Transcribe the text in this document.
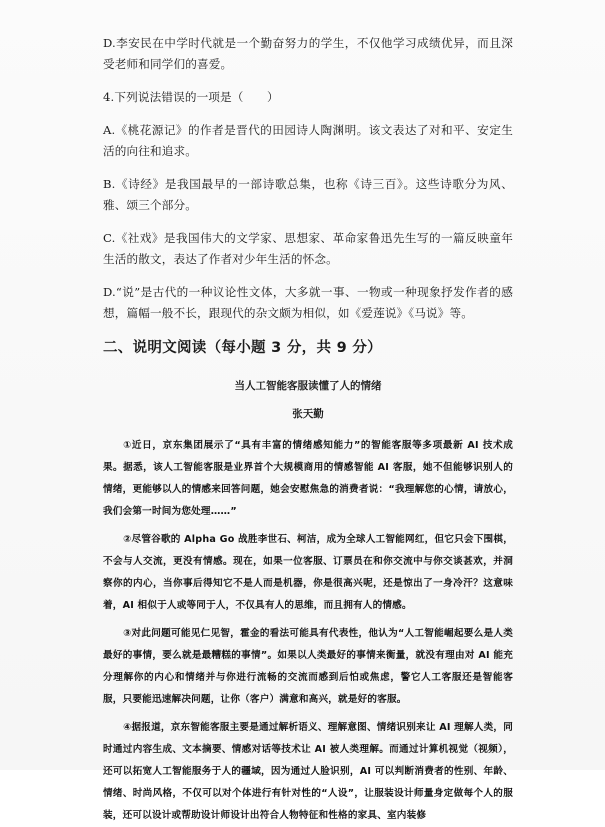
D.李安民在中学时代就是一个勤奋努力的学生，不仅他学习成绩优异，而且深受老师和同学们的喜爱。

4.下列说法错误的一项是（　　）

A.《桃花源记》的作者是晋代的田园诗人陶渊明。该文表达了对和平、安定生活的向往和追求。

B.《诗经》是我国最早的一部诗歌总集，也称《诗三百》。这些诗歌分为风、雅、颂三个部分。

C.《社戏》是我国伟大的文学家、思想家、革命家鲁迅先生写的一篇反映童年生活的散文，表达了作者对少年生活的怀念。

D.“说”是古代的一种议论性文体，大多就一事、一物或一种现象抒发作者的感想，篇幅一般不长，跟现代的杂文颇为相似，如《爱莲说》《马说》等。

二、说明文阅读（每小题 3 分，共 9 分）

当人工智能客服读懂了人的情绪

张天勤

①近日，京东集团展示了“具有丰富的情绪感知能力”的智能客服等多项最新 AI 技术成果。据悉，该人工智能客服是业界首个大规模商用的情感智能 AI 客服，她不但能够识别人的情绪，更能够以人的情感来回答问题，她会安慰焦急的消费者说：“我理解您的心情，请放心，我们会第一时间为您处理……”

②尽管谷歌的 Alpha Go 战胜李世石、柯洁，成为全球人工智能网红，但它只会下围棋，不会与人交流，更没有情感。现在，如果一位客服、订票员在和你交流中与你交谈甚欢，并洞察你的内心，当你事后得知它不是人而是机器，你是很高兴呢，还是惊出了一身冷汗？这意味着，AI 相似于人或等同于人，不仅具有人的思维，而且拥有人的情感。

③对此问题可能见仁见智，霍金的看法可能具有代表性，他认为“人工智能崛起要么是人类最好的事情，要么就是最糟糕的事情”。如果以人类最好的事情来衡量，就没有理由对 AI 能充分理解你的内心和情绪并与你进行流畅的交流而感到后怕或焦虑，警它人工客服还是智能客服，只要能迅速解决问题，让你（客户）满意和高兴，就是好的客服。

④据报道，京东智能客服主要是通过解析语义、理解意图、情绪识别来让 AI 理解人类，同时通过内容生成、文本摘要、情感对话等技术让 AI 被人类理解。而通过计算机视觉（视频），还可以拓宽人工智能服务于人的疆域，因为通过人脸识别，AI 可以判断消费者的性别、年龄、情绪、时尚风格，不仅可以对个体进行有针对性的“人设”，让服装设计师量身定做每个人的服装，还可以设计或帮助设计师设计出符合人物特征和性格的家具、室内装修
